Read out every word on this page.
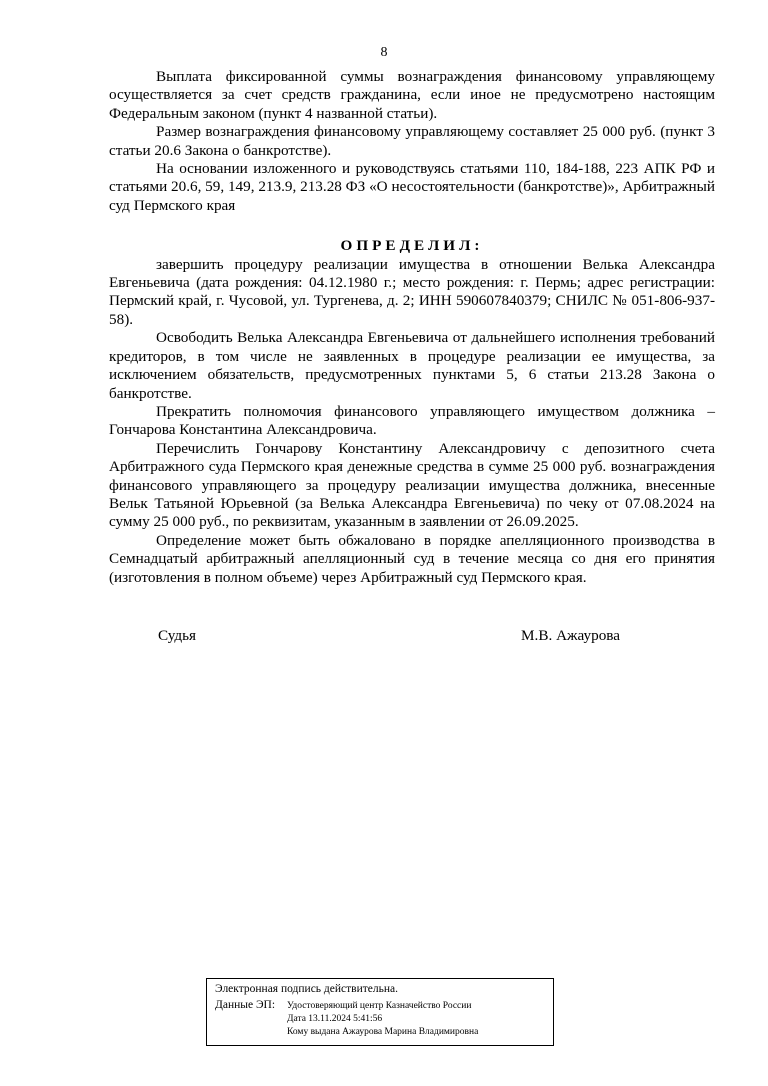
8

Выплата фиксированной суммы вознаграждения финансовому управляющему осуществляется за счет средств гражданина, если иное не предусмотрено настоящим Федеральным законом (пункт 4 названной статьи).

Размер вознаграждения финансовому управляющему составляет 25 000 руб. (пункт 3 статьи 20.6 Закона о банкротстве).

На основании изложенного и руководствуясь статьями 110, 184-188, 223 АПК РФ и статьями 20.6, 59, 149, 213.9, 213.28 ФЗ «О несостоятельности (банкротстве)», Арбитражный суд Пермского края

ОПРЕДЕЛИЛ:

завершить процедуру реализации имущества в отношении Велька Александра Евгеньевича (дата рождения: 04.12.1980 г.; место рождения: г. Пермь; адрес регистрации: Пермский край, г. Чусовой, ул. Тургенева, д. 2; ИНН 590607840379; СНИЛС № 051-806-937-58).

Освободить Велька Александра Евгеньевича от дальнейшего исполнения требований кредиторов, в том числе не заявленных в процедуре реализации ее имущества, за исключением обязательств, предусмотренных пунктами 5, 6 статьи 213.28 Закона о банкротстве.

Прекратить полномочия финансового управляющего имуществом должника – Гончарова Константина Александровича.

Перечислить Гончарову Константину Александровичу с депозитного счета Арбитражного суда Пермского края денежные средства в сумме 25 000 руб. вознаграждения финансового управляющего за процедуру реализации имущества должника, внесенные Вельк Татьяной Юрьевной (за Велька Александра Евгеньевича) по чеку от 07.08.2024 на сумму 25 000 руб., по реквизитам, указанным в заявлении от 26.09.2025.

Определение может быть обжаловано в порядке апелляционного производства в Семнадцатый арбитражный апелляционный суд в течение месяца со дня его принятия (изготовления в полном объеме) через Арбитражный суд Пермского края.

Судья	М.В. Ажаурова

Электронная подпись действительна.

Данные ЭП:	Удостоверяющий центр Казначейство России
Дата 13.11.2024 5:41:56
Кому выдана Ажаурова Марина Владимировна
